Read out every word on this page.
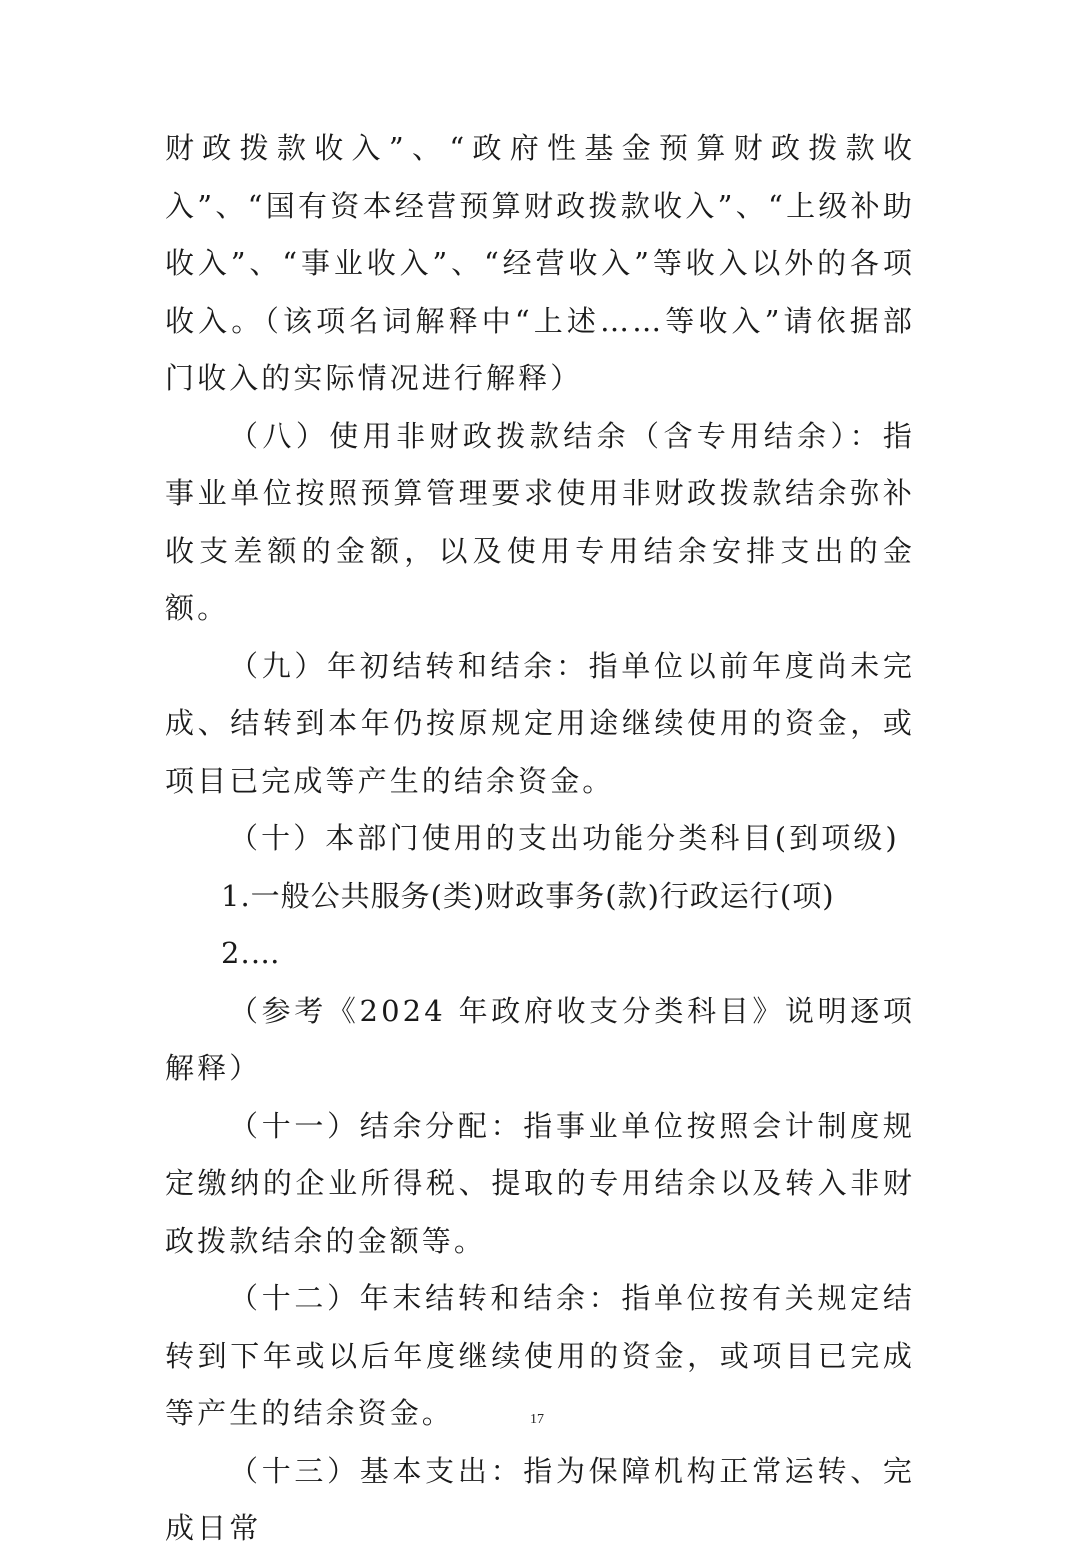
财政拨款收入”、“政府性基金预算财政拨款收入”、“国有资本经营预算财政拨款收入”、“上级补助收入”、“事业收入”、“经营收入”等收入以外的各项收入。（该项名词解释中“上述……等收入”请依据部门收入的实际情况进行解释）

（八）使用非财政拨款结余（含专用结余）：指事业单位按照预算管理要求使用非财政拨款结余弥补收支差额的金额，以及使用专用结余安排支出的金额。

（九）年初结转和结余：指单位以前年度尚未完成、结转到本年仍按原规定用途继续使用的资金，或项目已完成等产生的结余资金。

（十）本部门使用的支出功能分类科目(到项级)

1.一般公共服务(类)财政事务(款)行政运行(项)

2.…

（参考《2024 年政府收支分类科目》说明逐项解释）

（十一）结余分配：指事业单位按照会计制度规定缴纳的企业所得税、提取的专用结余以及转入非财政拨款结余的金额等。

（十二）年末结转和结余：指单位按有关规定结转到下年或以后年度继续使用的资金，或项目已完成等产生的结余资金。

（十三）基本支出：指为保障机构正常运转、完成日常

17
